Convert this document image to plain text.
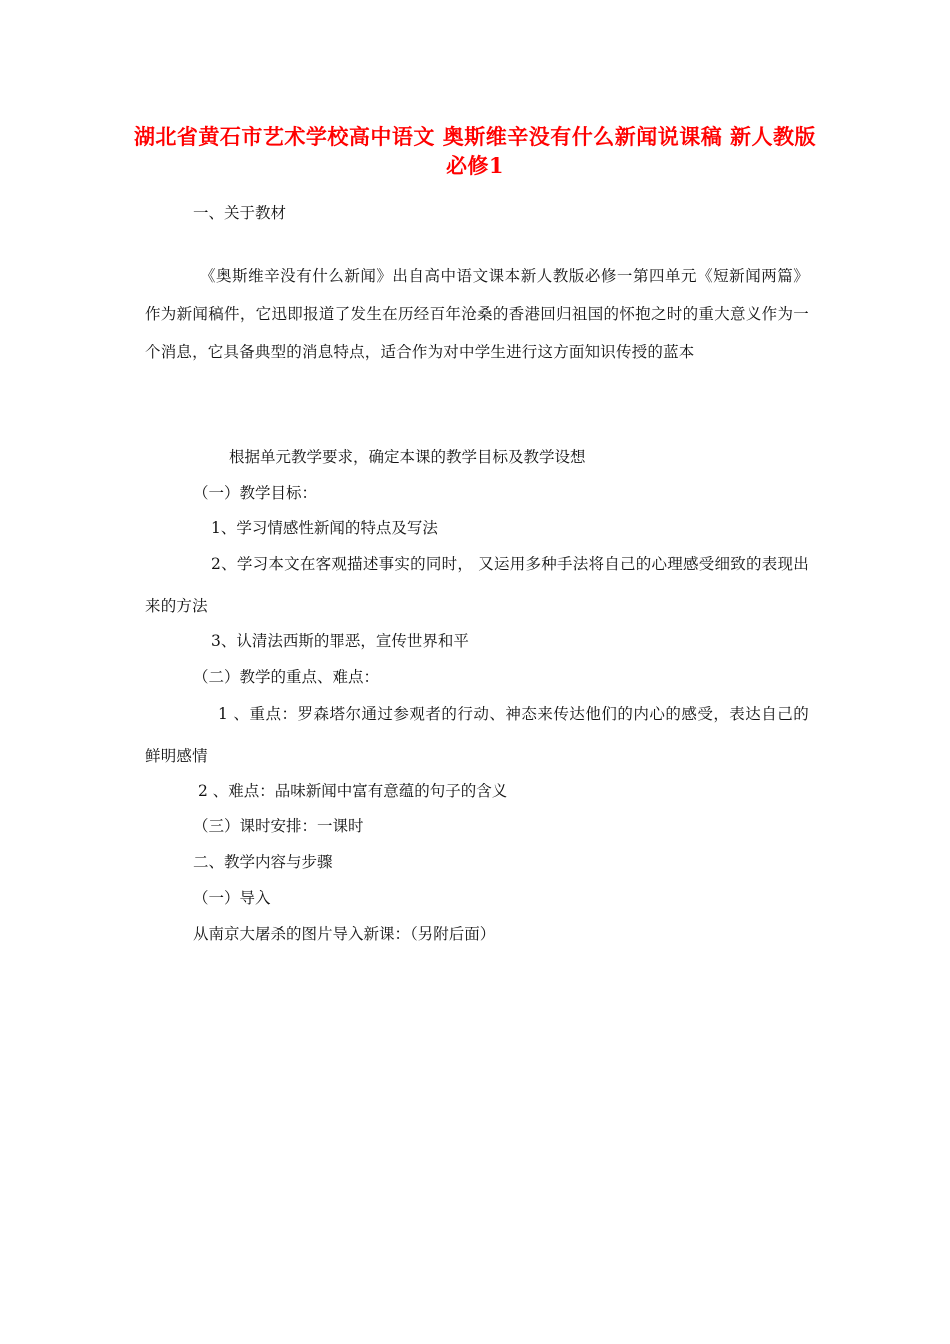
湖北省黄石市艺术学校高中语文 奥斯维辛没有什么新闻说课稿 新人教版必修1
一、关于教材
《奥斯维辛没有什么新闻》出自高中语文课本新人教版必修一第四单元《短新闻两篇》作为新闻稿件，它迅即报道了发生在历经百年沧桑的香港回归祖国的怀抱之时的重大意义作为一个消息，它具备典型的消息特点，适合作为对中学生进行这方面知识传授的蓝本
根据单元教学要求，确定本课的教学目标及教学设想
（一）教学目标：
1、学习情感性新闻的特点及写法
2、学习本文在客观描述事实的同时， 又运用多种手法将自己的心理感受细致的表现出来的方法
3、认清法西斯的罪恶，宣传世界和平
（二）教学的重点、难点：
1 、重点：罗森塔尔通过参观者的行动、神态来传达他们的内心的感受，表达自己的鲜明感情
2 、难点：品味新闻中富有意蕴的句子的含义
（三）课时安排：一课时
二、教学内容与步骤
（一）导入
从南京大屠杀的图片导入新课：（另附后面）
